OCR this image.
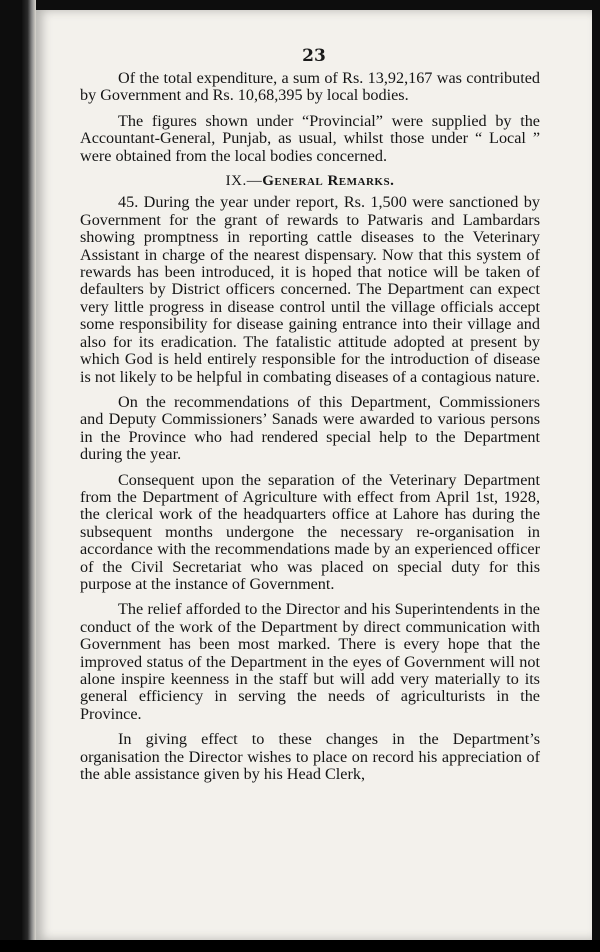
23

Of the total expenditure, a sum of Rs. 13,92,167 was contributed by Government and Rs. 10,68,395 by local bodies.

The figures shown under “Provincial” were supplied by the Accountant-General, Punjab, as usual, whilst those under “ Local ” were obtained from the local bodies concerned.

IX.—General Remarks.

45. During the year under report, Rs. 1,500 were sanctioned by Government for the grant of rewards to Patwaris and Lambardars showing promptness in reporting cattle diseases to the Veterinary Assistant in charge of the nearest dispensary. Now that this system of rewards has been introduced, it is hoped that notice will be taken of defaulters by District officers concerned. The Department can expect very little progress in disease control until the village officials accept some responsibility for disease gaining entrance into their village and also for its eradication. The fatalistic attitude adopted at present by which God is held entirely responsible for the introduction of disease is not likely to be helpful in combating diseases of a contagious nature.

On the recommendations of this Department, Commissioners and Deputy Commissioners’ Sanads were awarded to various persons in the Province who had rendered special help to the Department during the year.

Consequent upon the separation of the Veterinary Department from the Department of Agriculture with effect from April 1st, 1928, the clerical work of the headquarters office at Lahore has during the subsequent months undergone the necessary re-organisation in accordance with the recommendations made by an experienced officer of the Civil Secretariat who was placed on special duty for this purpose at the instance of Government.

The relief afforded to the Director and his Superintendents in the conduct of the work of the Department by direct communication with Government has been most marked. There is every hope that the improved status of the Department in the eyes of Government will not alone inspire keenness in the staff but will add very materially to its general efficiency in serving the needs of agriculturists in the Province.

In giving effect to these changes in the Department’s organisation the Director wishes to place on record his appreciation of the able assistance given by his Head Clerk,
